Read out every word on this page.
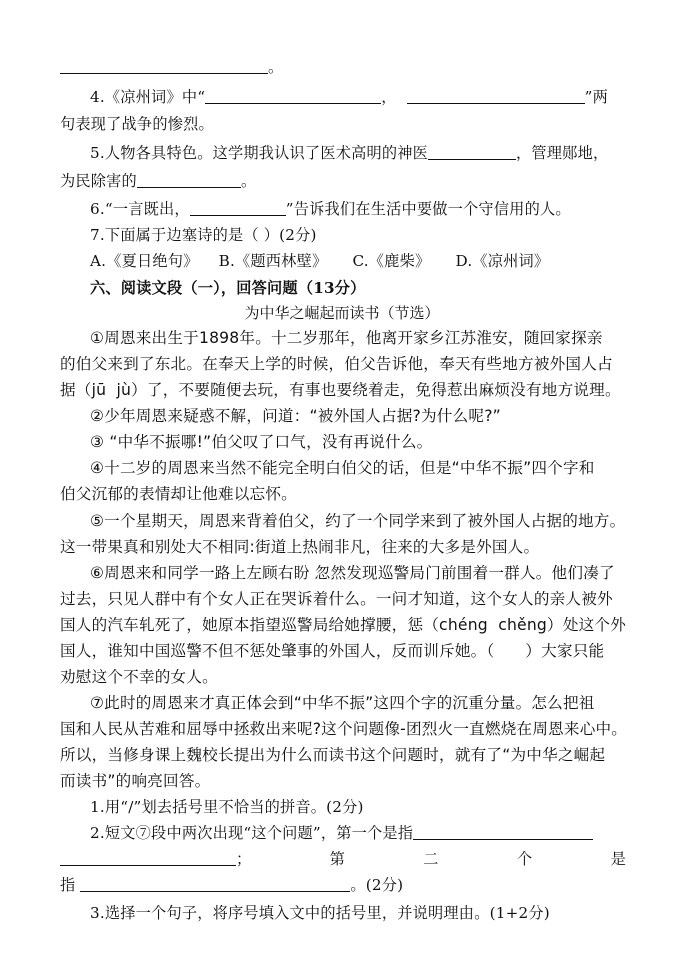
。
4.《凉州词》中“	，	”两
句表现了战争的惨烈。
5.人物各具特色。这学期我认识了医术高明的神医	，管理郧地，
为民除害的	。
6.“一言既出，	”告诉我们在生活中要做一个守信用的人。
7.下面属于边塞诗的是（ ）(2分)
A.《夏日绝句》    B.《题西林壁》     C.《鹿柴》     D.《凉州词》
六、阅读文段（一），回答问题（13分）
为中华之崛起而读书（节选）
①周恩来出生于1898年。十二岁那年，他离开家乡江苏淮安，随回家探亲
的伯父来到了东北。在奉天上学的时候，伯父告诉他，奉天有些地方被外国人占
据（jū  jù）了，不要随便去玩，有事也要绕着走，免得惹出麻烦没有地方说理。
②少年周恩来疑惑不解，问道：“被外国人占据?为什么呢?”
③ “中华不振哪!”伯父叹了口气，没有再说什么。
④十二岁的周恩来当然不能完全明白伯父的话，但是“中华不振”四个字和
伯父沉郁的表情却让他难以忘怀。
⑤一个星期天，周恩来背着伯父，约了一个同学来到了被外国人占据的地方。
这一带果真和别处大不相同:街道上热闹非凡，往来的大多是外国人。
⑥周恩来和同学一路上左顾右盼 忽然发现巡警局门前围着一群人。他们凑了
过去，只见人群中有个女人正在哭诉着什么。一问才知道，这个女人的亲人被外
国人的汽车轧死了，她原本指望巡警局给她撑腰，惩（chéng  chěng）处这个外
国人，谁知中国巡警不但不惩处肇事的外国人，反而训斥她。（      ）大家只能
劝慰这个不幸的女人。
⑦此时的周恩来才真正体会到“中华不振”这四个字的沉重分量。怎么把祖
国和人民从苦难和屈辱中拯救出来呢?这个问题像-团烈火一直燃烧在周恩来心中。
所以，当修身课上魏校长提出为什么而读书这个问题时，就有了“为中华之崛起
而读书”的响亮回答。
1.用“/”划去括号里不恰当的拼音。(2分)
2.短文⑦段中两次出现“这个问题”，第一个是指
；	第	二	个	是
指	。(2分)
3.选择一个句子，将序号填入文中的括号里，并说明理由。(1+2分)
